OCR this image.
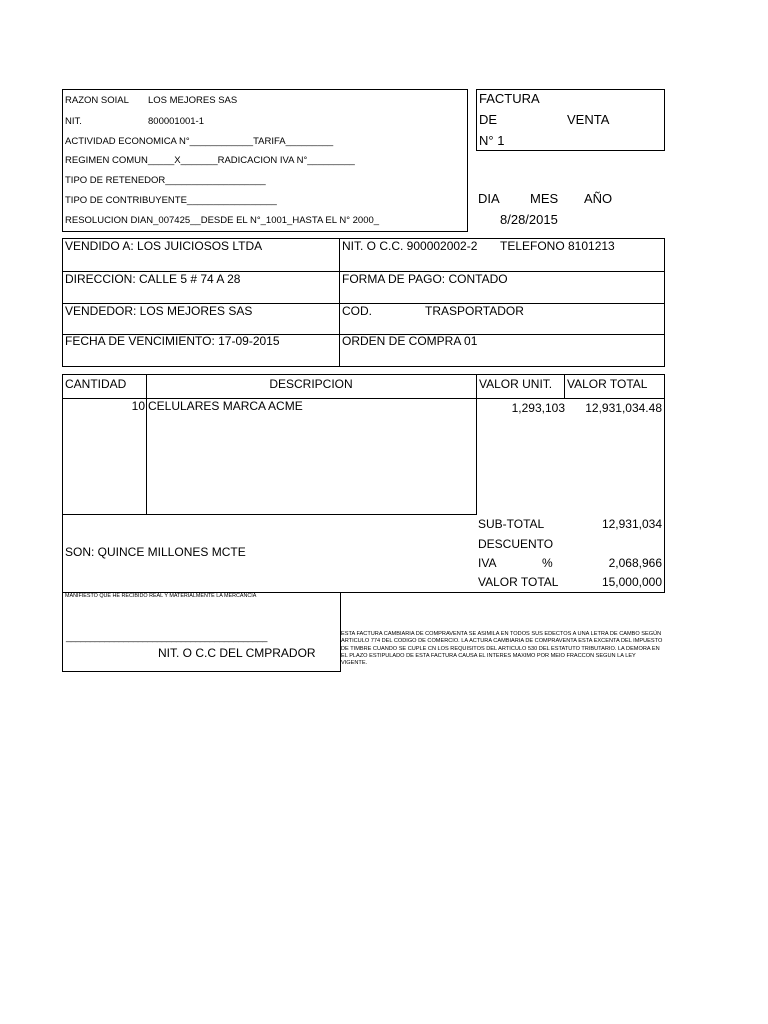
RAZON SOIAL LOS MEJORES SAS
NIT.	800001001-1
ACTIVIDAD ECONOMICA N°____________TARIFA_________
REGIMEN COMUN_____X_______RADICACION IVA N°_________
TIPO DE RETENEDOR___________________
TIPO DE CONTRIBUYENTE_________________
RESOLUCION DIAN_007425__DESDE EL N°_1001_HASTA EL N° 2000_
FACTURA
DE	VENTA
N° 1
DIA MES AÑO
8/28/2015
VENDIDO A: LOS JUICIOSOS LTDA	NIT. O C.C. 900002002-2 TELEFONO 8101213
DIRECCION: CALLE 5 # 74 A 28	FORMA DE PAGO: CONTADO
VENDEDOR: LOS MEJORES SAS	COD.	TRASPORTADOR
FECHA DE VENCIMIENTO: 17-09-2015	ORDEN DE COMPRA 01
CANTIDAD	DESCRIPCION	VALOR UNIT. VALOR TOTAL
10 CELULARES MARCA ACME	1,293,103	12,931,034.48
SON: QUINCE MILLONES MCTE
SUB-TOTAL	12,931,034
DESCUENTO
IVA	%	2,068,966
VALOR TOTAL	15,000,000
MANIFIESTO QUE HE RECIBIDO REAL Y MATERIALMENTE LA MERCANCIA
__________________________________________
NIT. O C.C DEL CMPRADOR
ESTA FACTURA CAMBIARIA DE COMPRAVENTA SE ASIMILA EN TODOS SUS EDECTOS A UNA LETRA DE CAMBO SEGÚN ARTICULO 774 DEL CODIGO DE COMERCIO. LA ACTURA CAMBIARIA DE COMPRAVENTA ESTA EXCENTA DEL IMPUESTO DE TIMBRE CUANDO SE CUPLE CN LOS REQUISITOS DEL ARTICULO 530 DEL ESTATUTO TRIBUTARIO. LA DEMORA EN EL PLAZO ESTIPULADO DE ESTA FACTURA CAUSA EL INTERES MAXIMO POR MEIO FRACCON SEGUN LA LEY VIGENTE.
